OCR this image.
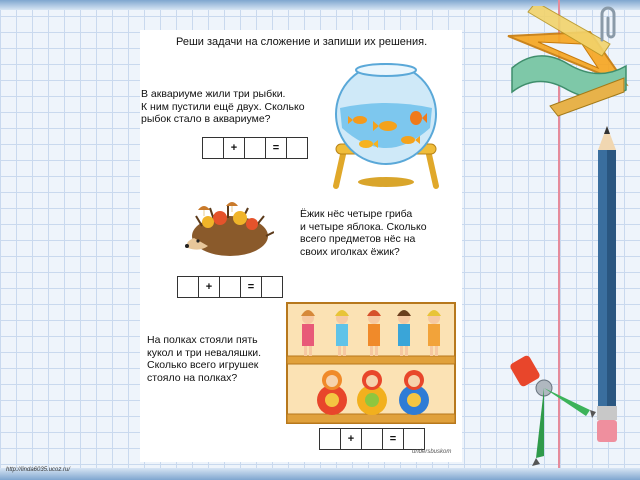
Реши задачи на сложение и запиши их решения.
В аквариуме жили три рыбки.
К ним пустили ещё двух. Сколько
рыбок стало в аквариуме?
+	=
Ёжик нёс четыре гриба
и четыре яблока. Сколько
всего предметов нёс на
своих иголках ёжик?
+	=
На полках стояли пять
кукол и три неваляшки.
Сколько всего игрушек
стояло на полках?
+	=
undersbuskom
http://linda6035.ucoz.ru/
